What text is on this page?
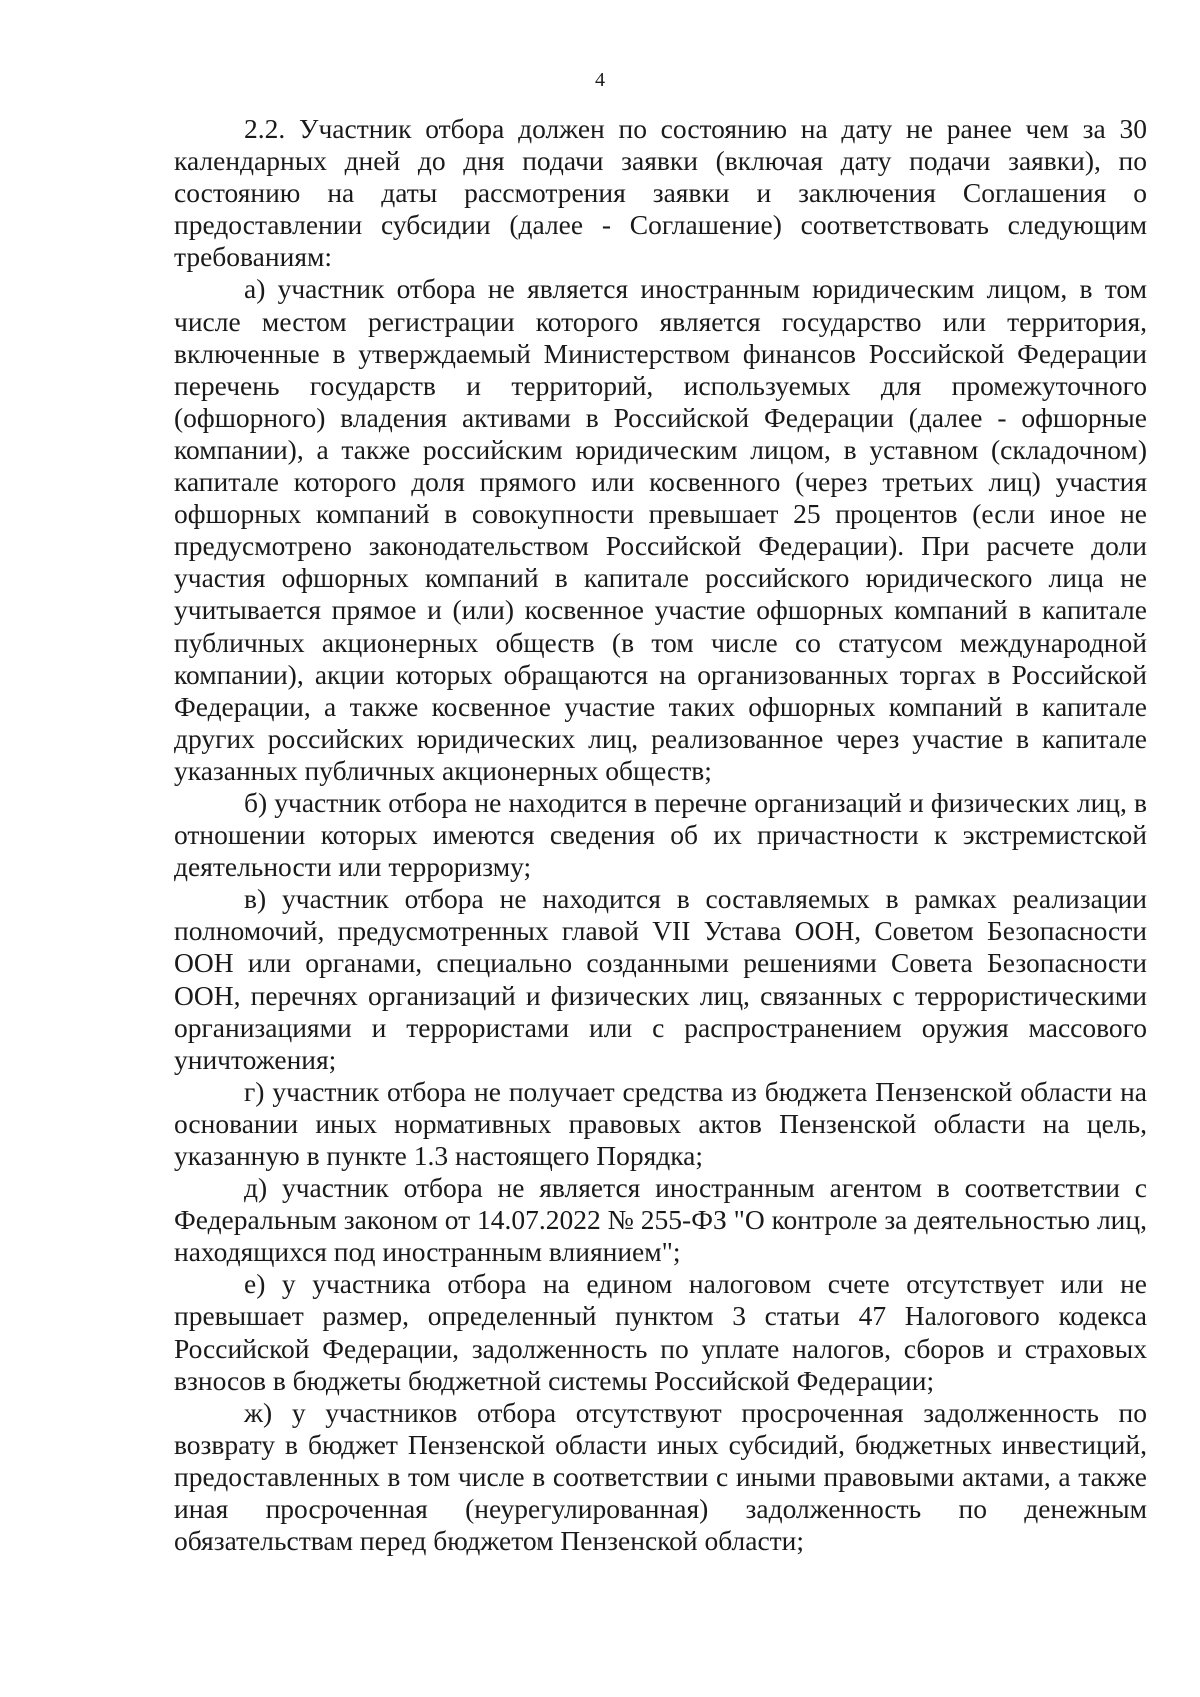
4

2.2. Участник отбора должен по состоянию на дату не ранее чем за 30 календарных дней до дня подачи заявки (включая дату подачи заявки), по состоянию на даты рассмотрения заявки и заключения Соглашения о предоставлении субсидии (далее - Соглашение) соответствовать следующим требованиям:

а) участник отбора не является иностранным юридическим лицом, в том числе местом регистрации которого является государство или территория, включенные в утверждаемый Министерством финансов Российской Федерации перечень государств и территорий, используемых для промежуточного (офшорного) владения активами в Российской Федерации (далее - офшорные компании), а также российским юридическим лицом, в уставном (складочном) капитале которого доля прямого или косвенного (через третьих лиц) участия офшорных компаний в совокупности превышает 25 процентов (если иное не предусмотрено законодательством Российской Федерации). При расчете доли участия офшорных компаний в капитале российского юридического лица не учитывается прямое и (или) косвенное участие офшорных компаний в капитале публичных акционерных обществ (в том числе со статусом международной компании), акции которых обращаются на организованных торгах в Российской Федерации, а также косвенное участие таких офшорных компаний в капитале других российских юридических лиц, реализованное через участие в капитале указанных публичных акционерных обществ;

б) участник отбора не находится в перечне организаций и физических лиц, в отношении которых имеются сведения об их причастности к экстремистской деятельности или терроризму;

в) участник отбора не находится в составляемых в рамках реализации полномочий, предусмотренных главой VII Устава ООН, Советом Безопасности ООН или органами, специально созданными решениями Совета Безопасности ООН, перечнях организаций и физических лиц, связанных с террористическими организациями и террористами или с распространением оружия массового уничтожения;

г) участник отбора не получает средства из бюджета Пензенской области на основании иных нормативных правовых актов Пензенской области на цель, указанную в пункте 1.3 настоящего Порядка;

д) участник отбора не является иностранным агентом в соответствии с Федеральным законом от 14.07.2022 № 255-ФЗ "О контроле за деятельностью лиц, находящихся под иностранным влиянием";

е) у участника отбора на едином налоговом счете отсутствует или не превышает размер, определенный пунктом 3 статьи 47 Налогового кодекса Российской Федерации, задолженность по уплате налогов, сборов и страховых взносов в бюджеты бюджетной системы Российской Федерации;

ж) у участников отбора отсутствуют просроченная задолженность по возврату в бюджет Пензенской области иных субсидий, бюджетных инвестиций, предоставленных в том числе в соответствии с иными правовыми актами, а также иная просроченная (неурегулированная) задолженность по денежным обязательствам перед бюджетом Пензенской области;
